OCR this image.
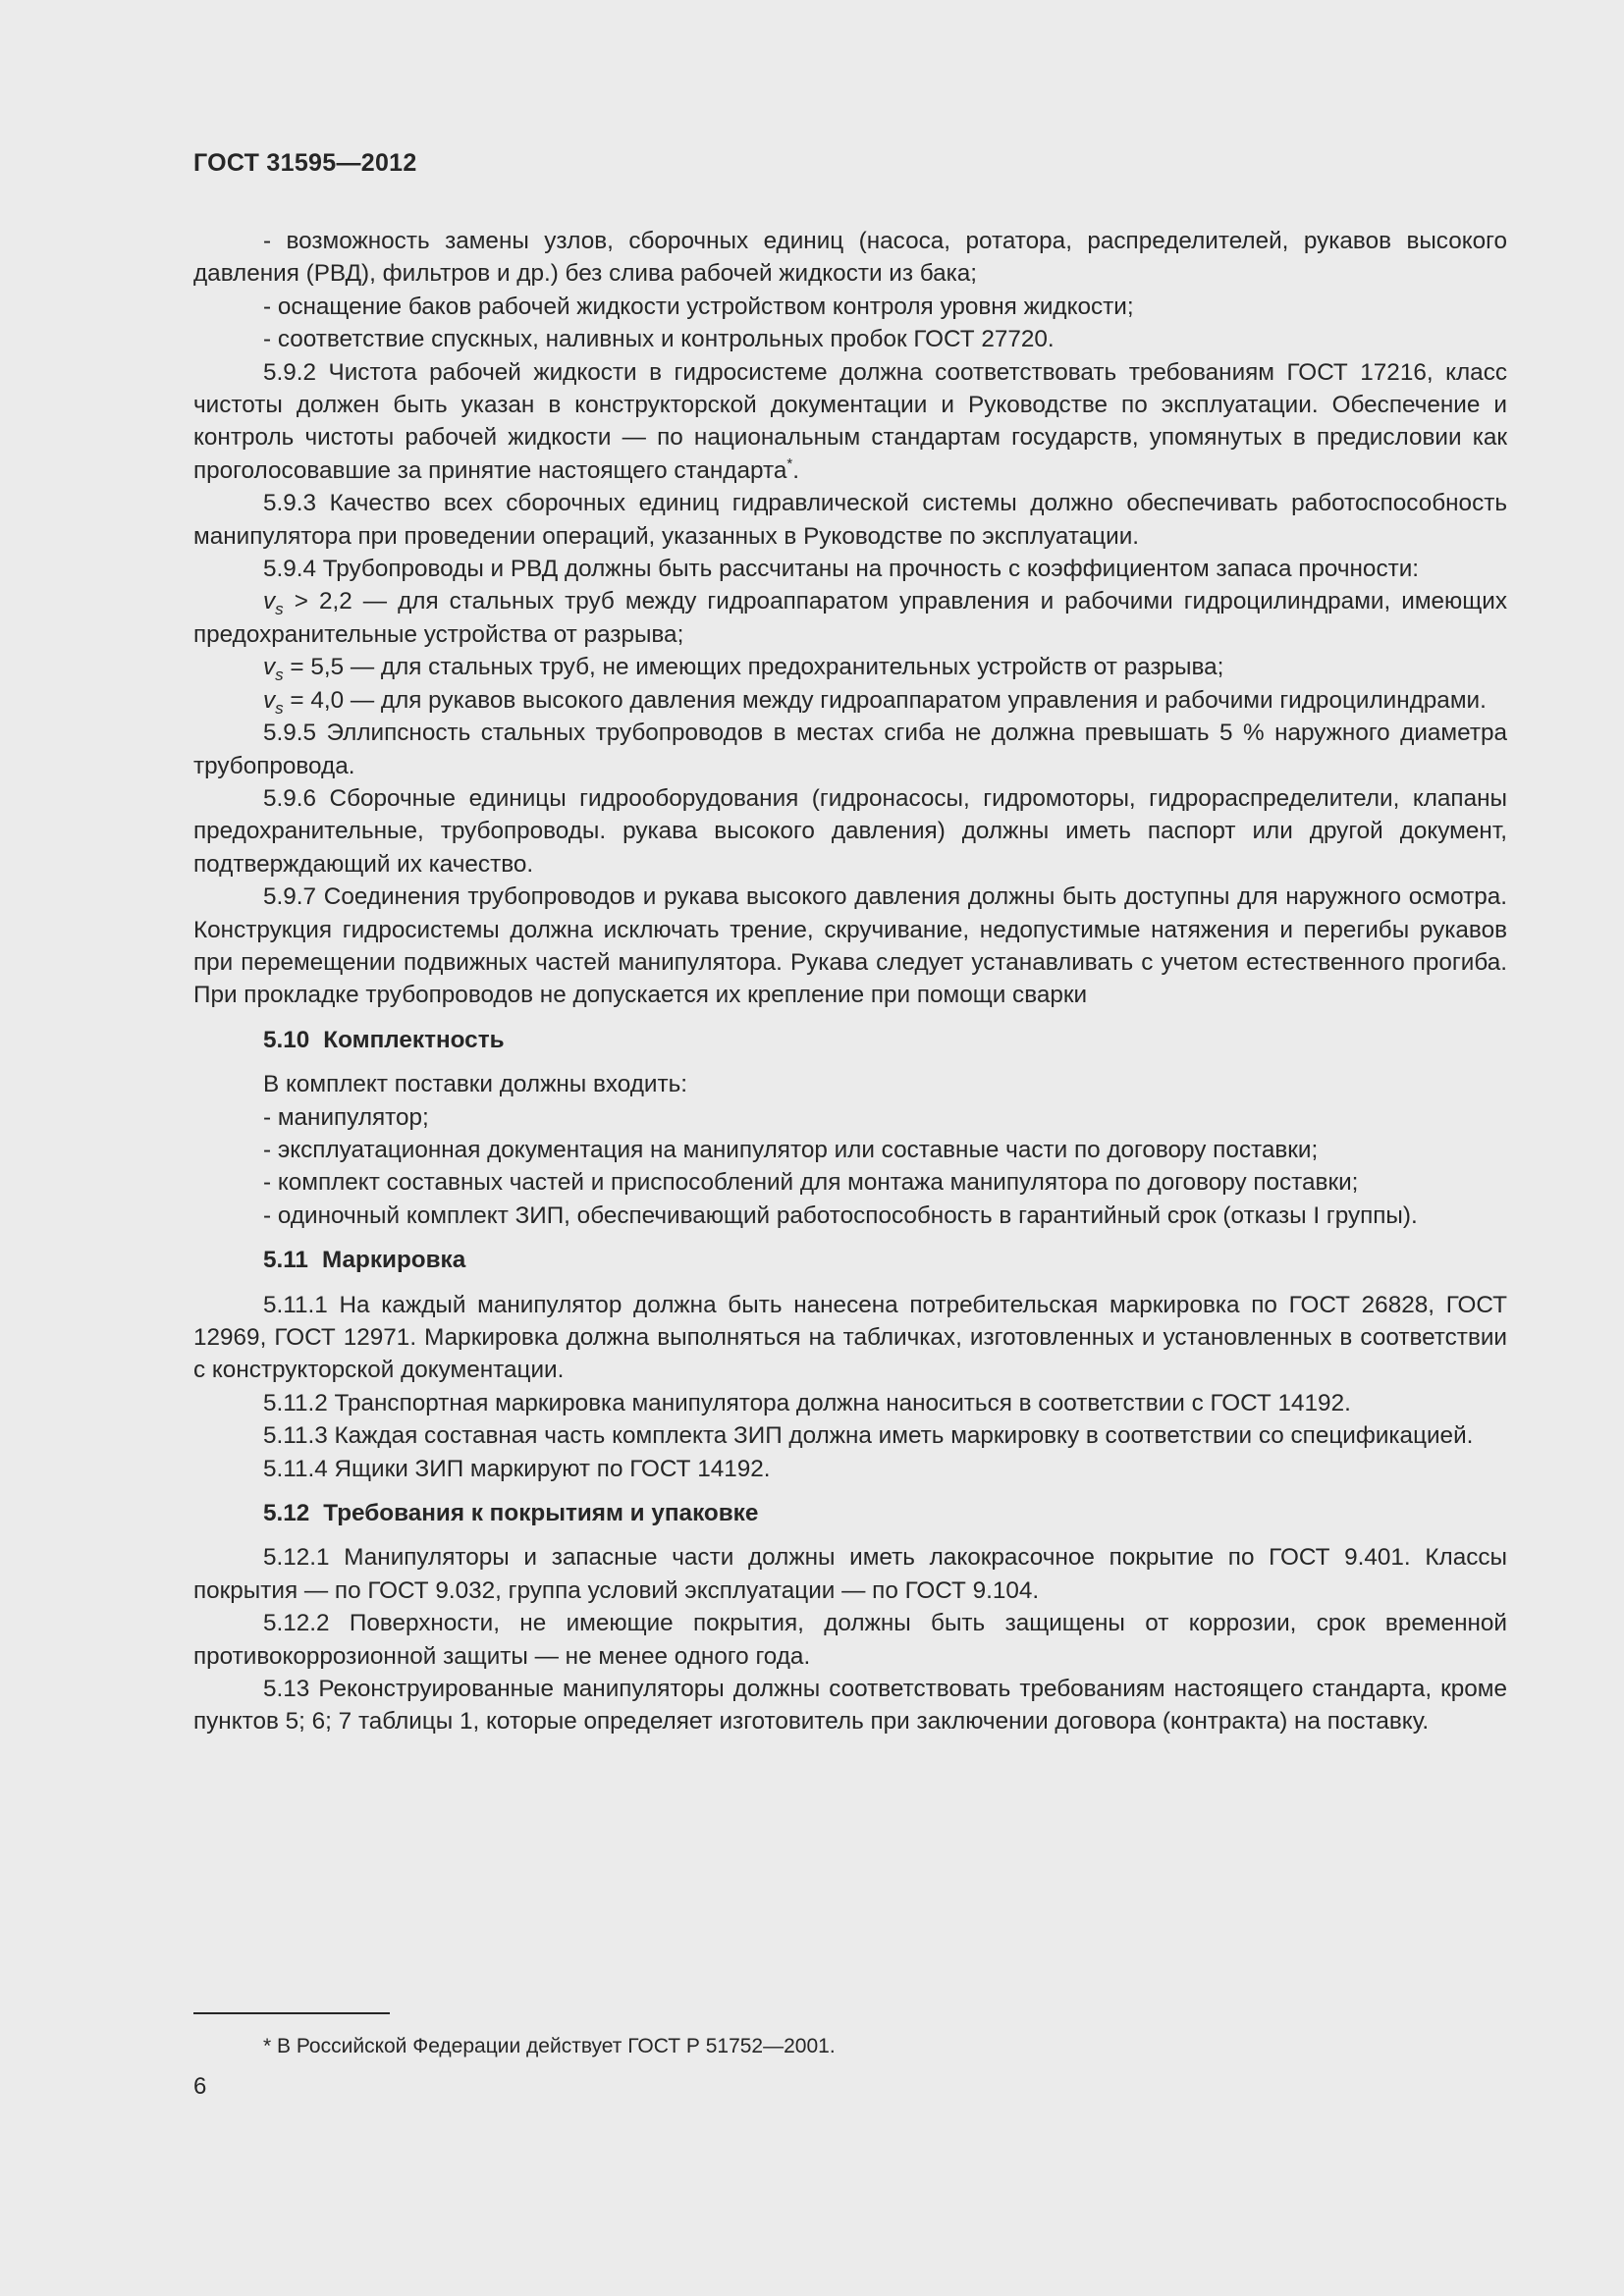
ГОСТ 31595—2012

- возможность замены узлов, сборочных единиц (насоса, ротатора, распределителей, рукавов высокого давления (РВД), фильтров и др.) без слива рабочей жидкости из бака;

- оснащение баков рабочей жидкости устройством контроля уровня жидкости;

- соответствие спускных, наливных и контрольных пробок ГОСТ 27720.

5.9.2 Чистота рабочей жидкости в гидросистеме должна соответствовать требованиям ГОСТ 17216, класс чистоты должен быть указан в конструкторской документации и Руководстве по эксплуатации. Обеспечение и контроль чистоты рабочей жидкости — по национальным стандартам государств, упомянутых в предисловии как проголосовавшие за принятие настоящего стандарта*.

5.9.3 Качество всех сборочных единиц гидравлической системы должно обеспечивать работоспособность манипулятора при проведении операций, указанных в Руководстве по эксплуатации.

5.9.4 Трубопроводы и РВД должны быть рассчитаны на прочность с коэффициентом запаса прочности:

$v_s > 2,2$ — для стальных труб между гидроаппаратом управления и рабочими гидроцилиндрами, имеющих предохранительные устройства от разрыва;

$v_s = 5,5$ — для стальных труб, не имеющих предохранительных устройств от разрыва;

$v_s = 4,0$ — для рукавов высокого давления между гидроаппаратом управления и рабочими гидроцилиндрами.

5.9.5 Эллипсность стальных трубопроводов в местах сгиба не должна превышать 5 % наружного диаметра трубопровода.

5.9.6 Сборочные единицы гидрооборудования (гидронасосы, гидромоторы, гидрораспределители, клапаны предохранительные, трубопроводы. рукава высокого давления) должны иметь паспорт или другой документ, подтверждающий их качество.

5.9.7 Соединения трубопроводов и рукава высокого давления должны быть доступны для наружного осмотра. Конструкция гидросистемы должна исключать трение, скручивание, недопустимые натяжения и перегибы рукавов при перемещении подвижных частей манипулятора. Рукава следует устанавливать с учетом естественного прогиба. При прокладке трубопроводов не допускается их крепление при помощи сварки

5.10 Комплектность

В комплект поставки должны входить:

- манипулятор;

- эксплуатационная документация на манипулятор или составные части по договору поставки;

- комплект составных частей и приспособлений для монтажа манипулятора по договору поставки;

- одиночный комплект ЗИП, обеспечивающий работоспособность в гарантийный срок (отказы I группы).

5.11 Маркировка

5.11.1 На каждый манипулятор должна быть нанесена потребительская маркировка по ГОСТ 26828, ГОСТ 12969, ГОСТ 12971. Маркировка должна выполняться на табличках, изготовленных и установленных в соответствии с конструкторской документации.

5.11.2 Транспортная маркировка манипулятора должна наноситься в соответствии с ГОСТ 14192.

5.11.3 Каждая составная часть комплекта ЗИП должна иметь маркировку в соответствии со спецификацией.

5.11.4 Ящики ЗИП маркируют по ГОСТ 14192.

5.12 Требования к покрытиям и упаковке

5.12.1 Манипуляторы и запасные части должны иметь лакокрасочное покрытие по ГОСТ 9.401. Классы покрытия — по ГОСТ 9.032, группа условий эксплуатации — по ГОСТ 9.104.

5.12.2 Поверхности, не имеющие покрытия, должны быть защищены от коррозии, срок временной противокоррозионной защиты — не менее одного года.

5.13 Реконструированные манипуляторы должны соответствовать требованиям настоящего стандарта, кроме пунктов 5; 6; 7 таблицы 1, которые определяет изготовитель при заключении договора (контракта) на поставку.

* В Российской Федерации действует ГОСТ Р 51752—2001.
6
